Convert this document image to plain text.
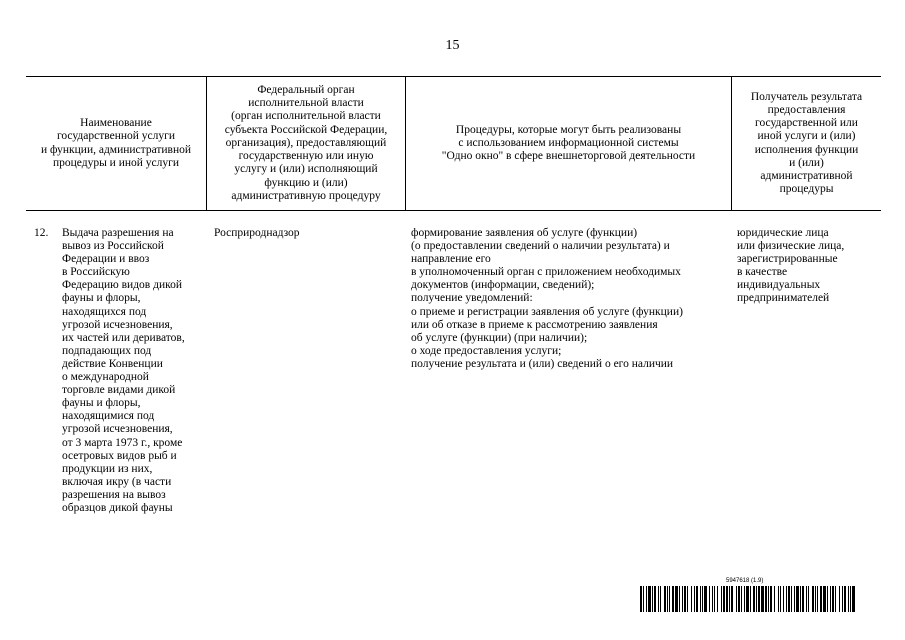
15
Наименование
государственной услуги
и функции, административной
процедуры и иной услуги
Федеральный орган
исполнительной власти
(орган исполнительной власти
субъекта Российской Федерации,
организация), предоставляющий
государственную или иную
услугу и (или) исполняющий
функцию и (или)
административную процедуру
Процедуры, которые могут быть реализованы
с использованием информационной системы
"Одно окно" в сфере внешнеторговой деятельности
Получатель результата
предоставления
государственной или
иной услуги и (или)
исполнения функции
и (или)
административной
процедуры
12. Выдача разрешения на
вывоз из Российской
Федерации и ввоз
в Российскую
Федерацию видов дикой
фауны и флоры,
находящихся под
угрозой исчезновения,
их частей или дериватов,
подпадающих под
действие Конвенции
о международной
торговле видами дикой
фауны и флоры,
находящимися под
угрозой исчезновения,
от 3 марта 1973 г., кроме
осетровых видов рыб и
продукции из них,
включая икру (в части
разрешения на вывоз
образцов дикой фауны
Росприроднадзор	формирование заявления об услуге (функции)
(о предоставлении сведений о наличии результата) и
направление его
в уполномоченный орган с приложением необходимых
документов (информации, сведений);
получение уведомлений:
о приеме и регистрации заявления об услуге (функции)
или об отказе в приеме к рассмотрению заявления
об услуге (функции) (при наличии);
о ходе предоставления услуги;
получение результата и (или) сведений о его наличии
юридические лица
или физические лица,
зарегистрированные
в качестве
индивидуальных
предпринимателей
5947618 (1.9)
